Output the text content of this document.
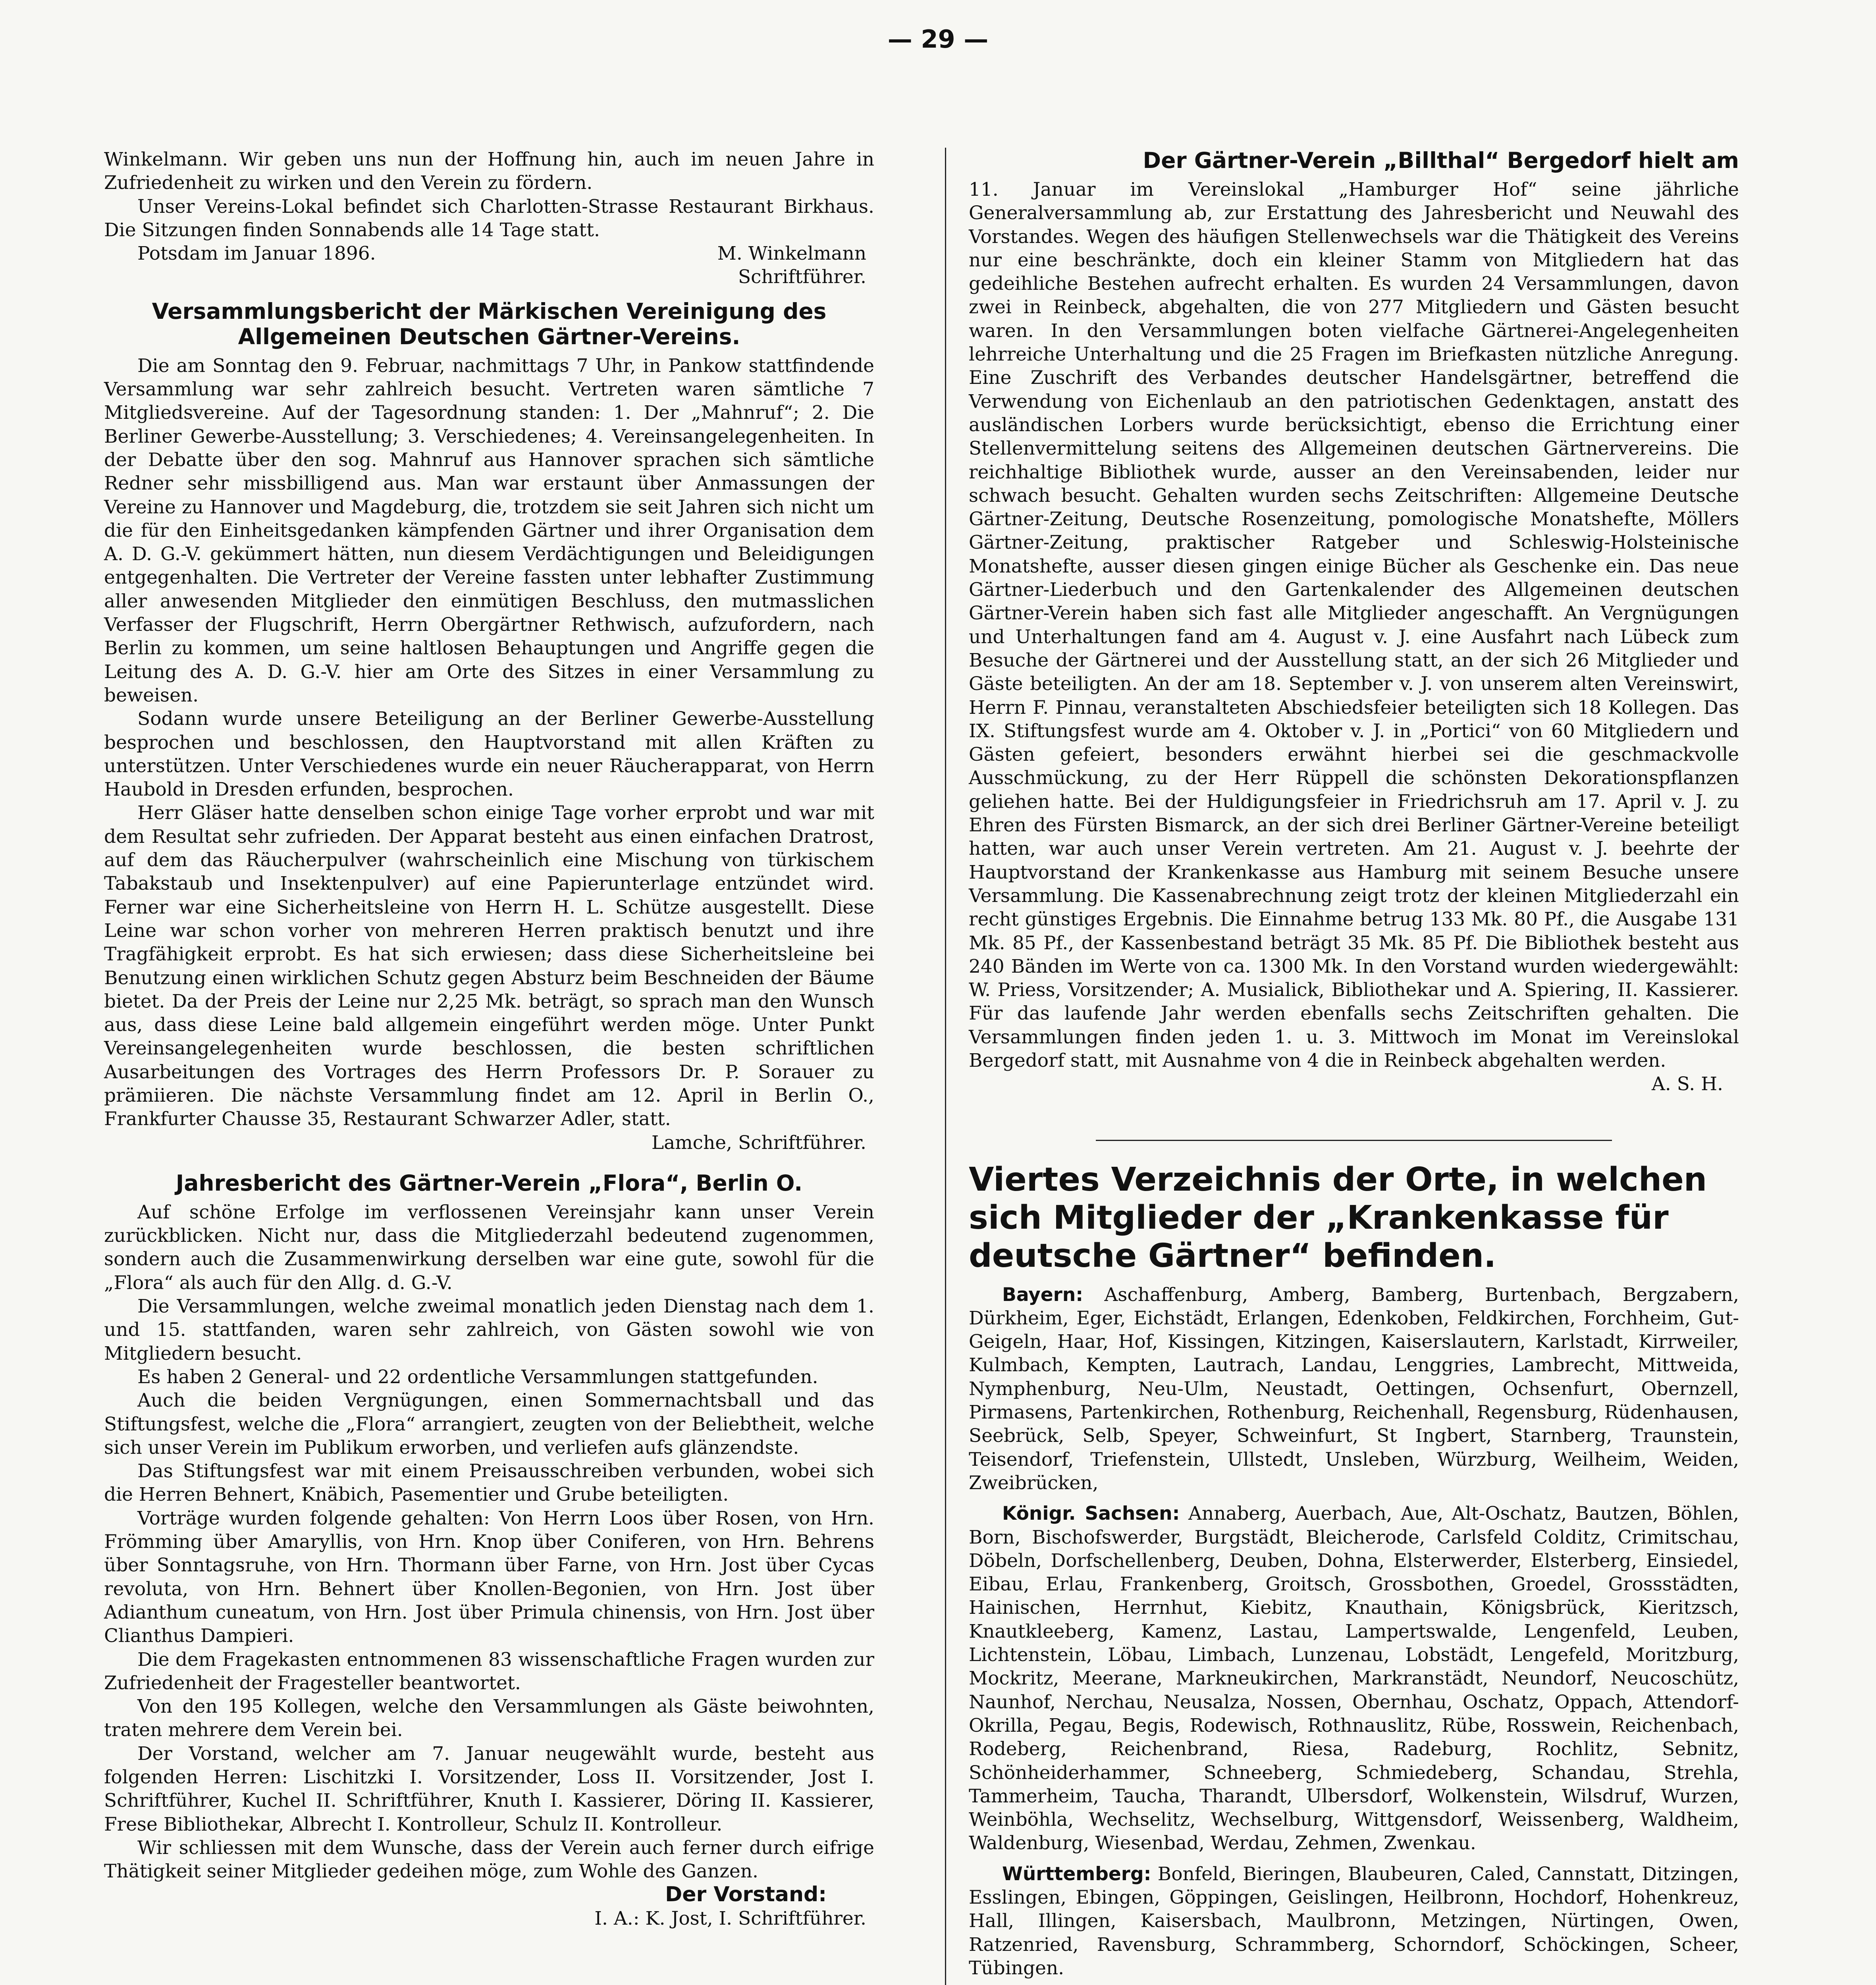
— 29 —

Winkelmann. Wir geben uns nun der Hoffnung hin, auch im neuen Jahre in Zufriedenheit zu wirken und den Verein zu fördern.

Unser Vereins-Lokal befindet sich Charlotten-Strasse Restaurant Birkhaus. Die Sitzungen finden Sonnabends alle 14 Tage statt.

Potsdam im Januar 1896.	M. Winkelmann

Schriftführer.

Versammlungsbericht der Märkischen Vereinigung des Allgemeinen Deutschen Gärtner-Vereins.

Die am Sonntag den 9. Februar, nachmittags 7 Uhr, in Pankow stattfindende Versammlung war sehr zahlreich besucht. Vertreten waren sämtliche 7 Mitgliedsvereine. Auf der Tagesordnung standen: 1. Der „Mahnruf“; 2. Die Berliner Gewerbe-Ausstellung; 3. Verschiedenes; 4. Vereinsangelegenheiten. In der Debatte über den sog. Mahnruf aus Hannover sprachen sich sämtliche Redner sehr missbilligend aus. Man war erstaunt über Anmassungen der Vereine zu Hannover und Magdeburg, die, trotzdem sie seit Jahren sich nicht um die für den Einheitsgedanken kämpfenden Gärtner und ihrer Organisation dem A. D. G.-V. gekümmert hätten, nun diesem Verdächtigungen und Beleidigungen entgegenhalten. Die Vertreter der Vereine fassten unter lebhafter Zustimmung aller anwesenden Mitglieder den einmütigen Beschluss, den mutmasslichen Verfasser der Flugschrift, Herrn Obergärtner Rethwisch, aufzufordern, nach Berlin zu kommen, um seine haltlosen Behauptungen und Angriffe gegen die Leitung des A. D. G.-V. hier am Orte des Sitzes in einer Versammlung zu beweisen.

Sodann wurde unsere Beteiligung an der Berliner Gewerbe-Ausstellung besprochen und beschlossen, den Hauptvorstand mit allen Kräften zu unterstützen. Unter Verschiedenes wurde ein neuer Räucherapparat, von Herrn Haubold in Dresden erfunden, besprochen.

Herr Gläser hatte denselben schon einige Tage vorher erprobt und war mit dem Resultat sehr zufrieden. Der Apparat besteht aus einen einfachen Dratrost, auf dem das Räucherpulver (wahrscheinlich eine Mischung von türkischem Tabakstaub und Insektenpulver) auf eine Papierunterlage entzündet wird. Ferner war eine Sicherheitsleine von Herrn H. L. Schütze ausgestellt. Diese Leine war schon vorher von mehreren Herren praktisch benutzt und ihre Tragfähigkeit erprobt. Es hat sich erwiesen; dass diese Sicherheitsleine bei Benutzung einen wirklichen Schutz gegen Absturz beim Beschneiden der Bäume bietet. Da der Preis der Leine nur 2,25 Mk. beträgt, so sprach man den Wunsch aus, dass diese Leine bald allgemein eingeführt werden möge. Unter Punkt Vereinsangelegenheiten wurde beschlossen, die besten schriftlichen Ausarbeitungen des Vortrages des Herrn Professors Dr. P. Sorauer zu prämiieren. Die nächste Versammlung findet am 12. April in Berlin O., Frankfurter Chausse 35, Restaurant Schwarzer Adler, statt.

Lamche, Schriftführer.

Jahresbericht des Gärtner-Verein „Flora“, Berlin O.

Auf schöne Erfolge im verflossenen Vereinsjahr kann unser Verein zurückblicken. Nicht nur, dass die Mitgliederzahl bedeutend zugenommen, sondern auch die Zusammenwirkung derselben war eine gute, sowohl für die „Flora“ als auch für den Allg. d. G.-V.

Die Versammlungen, welche zweimal monatlich jeden Dienstag nach dem 1. und 15. stattfanden, waren sehr zahlreich, von Gästen sowohl wie von Mitgliedern besucht.

Es haben 2 General- und 22 ordentliche Versammlungen stattgefunden.

Auch die beiden Vergnügungen, einen Sommernachtsball und das Stiftungsfest, welche die „Flora“ arrangiert, zeugten von der Beliebtheit, welche sich unser Verein im Publikum erworben, und verliefen aufs glänzendste.

Das Stiftungsfest war mit einem Preisausschreiben verbunden, wobei sich die Herren Behnert, Knäbich, Pasementier und Grube beteiligten.

Vorträge wurden folgende gehalten: Von Herrn Loos über Rosen, von Hrn. Frömming über Amaryllis, von Hrn. Knop über Coniferen, von Hrn. Behrens über Sonntagsruhe, von Hrn. Thormann über Farne, von Hrn. Jost über Cycas revoluta, von Hrn. Behnert über Knollen-Begonien, von Hrn. Jost über Adianthum cuneatum, von Hrn. Jost über Primula chinensis, von Hrn. Jost über Clianthus Dampieri.

Die dem Fragekasten entnommenen 83 wissenschaftliche Fragen wurden zur Zufriedenheit der Fragesteller beantwortet.

Von den 195 Kollegen, welche den Versammlungen als Gäste beiwohnten, traten mehrere dem Verein bei.

Der Vorstand, welcher am 7. Januar neugewählt wurde, besteht aus folgenden Herren: Lischitzki I. Vorsitzender, Loss II. Vorsitzender, Jost I. Schriftführer, Kuchel II. Schriftführer, Knuth I. Kassierer, Döring II. Kassierer, Frese Bibliothekar, Albrecht I. Kontrolleur, Schulz II. Kontrolleur.

Wir schliessen mit dem Wunsche, dass der Verein auch ferner durch eifrige Thätigkeit seiner Mitglieder gedeihen möge, zum Wohle des Ganzen.

Der Vorstand:

I. A.: K. Jost, I. Schriftführer.

Der Gärtner-Verein „Billthal“ Bergedorf hielt am

11. Januar im Vereinslokal „Hamburger Hof“ seine jährliche Generalversammlung ab, zur Erstattung des Jahresbericht und Neuwahl des Vorstandes. Wegen des häufigen Stellenwechsels war die Thätigkeit des Vereins nur eine beschränkte, doch ein kleiner Stamm von Mitgliedern hat das gedeihliche Bestehen aufrecht erhalten. Es wurden 24 Versammlungen, davon zwei in Reinbeck, abgehalten, die von 277 Mitgliedern und Gästen besucht waren. In den Versammlungen boten vielfache Gärtnerei-Angelegenheiten lehrreiche Unterhaltung und die 25 Fragen im Briefkasten nützliche Anregung. Eine Zuschrift des Verbandes deutscher Handelsgärtner, betreffend die Verwendung von Eichenlaub an den patriotischen Gedenktagen, anstatt des ausländischen Lorbers wurde berücksichtigt, ebenso die Errichtung einer Stellenvermittelung seitens des Allgemeinen deutschen Gärtnervereins. Die reichhaltige Bibliothek wurde, ausser an den Vereinsabenden, leider nur schwach besucht. Gehalten wurden sechs Zeitschriften: Allgemeine Deutsche Gärtner-Zeitung, Deutsche Rosenzeitung, pomologische Monatshefte, Möllers Gärtner-Zeitung, praktischer Ratgeber und Schleswig-Holsteinische Monatshefte, ausser diesen gingen einige Bücher als Geschenke ein. Das neue Gärtner-Liederbuch und den Gartenkalender des Allgemeinen deutschen Gärtner-Verein haben sich fast alle Mitglieder angeschafft. An Vergnügungen und Unterhaltungen fand am 4. August v. J. eine Ausfahrt nach Lübeck zum Besuche der Gärtnerei und der Ausstellung statt, an der sich 26 Mitglieder und Gäste beteiligten. An der am 18. September v. J. von unserem alten Vereinswirt, Herrn F. Pinnau, veranstalteten Abschiedsfeier beteiligten sich 18 Kollegen. Das IX. Stiftungsfest wurde am 4. Oktober v. J. in „Portici“ von 60 Mitgliedern und Gästen gefeiert, besonders erwähnt hierbei sei die geschmackvolle Ausschmückung, zu der Herr Rüppell die schönsten Dekorationspflanzen geliehen hatte. Bei der Huldigungsfeier in Friedrichsruh am 17. April v. J. zu Ehren des Fürsten Bismarck, an der sich drei Berliner Gärtner-Vereine beteiligt hatten, war auch unser Verein vertreten. Am 21. August v. J. beehrte der Hauptvorstand der Krankenkasse aus Hamburg mit seinem Besuche unsere Versammlung. Die Kassenabrechnung zeigt trotz der kleinen Mitgliederzahl ein recht günstiges Ergebnis. Die Einnahme betrug 133 Mk. 80 Pf., die Ausgabe 131 Mk. 85 Pf., der Kassenbestand beträgt 35 Mk. 85 Pf. Die Bibliothek besteht aus 240 Bänden im Werte von ca. 1300 Mk. In den Vorstand wurden wiedergewählt: W. Priess, Vorsitzender; A. Musialick, Bibliothekar und A. Spiering, II. Kassierer. Für das laufende Jahr werden ebenfalls sechs Zeitschriften gehalten. Die Versammlungen finden jeden 1. u. 3. Mittwoch im Monat im Vereinslokal Bergedorf statt, mit Ausnahme von 4 die in Reinbeck abgehalten werden.

A. S. H.

Viertes Verzeichnis der Orte, in welchen sich Mitglieder der „Krankenkasse für deutsche Gärtner“ befinden.

Bayern: Aschaffenburg, Amberg, Bamberg, Burtenbach, Bergzabern, Dürkheim, Eger, Eichstädt, Erlangen, Edenkoben, Feldkirchen, Forchheim, Gut-Geigeln, Haar, Hof, Kissingen, Kitzingen, Kaiserslautern, Karlstadt, Kirrweiler, Kulmbach, Kempten, Lautrach, Landau, Lenggries, Lambrecht, Mittweida, Nymphenburg, Neu-Ulm, Neustadt, Oettingen, Ochsenfurt, Obernzell, Pirmasens, Partenkirchen, Rothenburg, Reichenhall, Regensburg, Rüdenhausen, Seebrück, Selb, Speyer, Schweinfurt, St Ingbert, Starnberg, Traunstein, Teisendorf, Triefenstein, Ullstedt, Unsleben, Würzburg, Weilheim, Weiden, Zweibrücken,

Königr. Sachsen: Annaberg, Auerbach, Aue, Alt-Oschatz, Bautzen, Böhlen, Born, Bischofswerder, Burgstädt, Bleicherode, Carlsfeld Colditz, Crimitschau, Döbeln, Dorfschellenberg, Deuben, Dohna, Elsterwerder, Elsterberg, Einsiedel, Eibau, Erlau, Frankenberg, Groitsch, Grossbothen, Groedel, Grossstädten, Hainischen, Herrnhut, Kiebitz, Knauthain, Königsbrück, Kieritzsch, Knautkleeberg, Kamenz, Lastau, Lampertswalde, Lengenfeld, Leuben, Lichtenstein, Löbau, Limbach, Lunzenau, Lobstädt, Lengefeld, Moritzburg, Mockritz, Meerane, Markneukirchen, Markranstädt, Neundorf, Neucoschütz, Naunhof, Nerchau, Neusalza, Nossen, Obernhau, Oschatz, Oppach, Attendorf-Okrilla, Pegau, Begis, Rodewisch, Rothnauslitz, Rübe, Rosswein, Reichenbach, Rodeberg, Reichenbrand, Riesa, Radeburg, Rochlitz, Sebnitz, Schönheiderhammer, Schneeberg, Schmiedeberg, Schandau, Strehla, Tammerheim, Taucha, Tharandt, Ulbersdorf, Wolkenstein, Wilsdruf, Wurzen, Weinböhla, Wechselitz, Wechselburg, Wittgensdorf, Weissenberg, Waldheim, Waldenburg, Wiesenbad, Werdau, Zehmen, Zwenkau.

Württemberg: Bonfeld, Bieringen, Blaubeuren, Caled, Cannstatt, Ditzingen, Esslingen, Ebingen, Göppingen, Geislingen, Heilbronn, Hochdorf, Hohenkreuz, Hall, Illingen, Kaisersbach, Maulbronn, Metzingen, Nürtingen, Owen, Ratzenried, Ravensburg, Schrammberg, Schorndorf, Schöckingen, Scheer, Tübingen.
